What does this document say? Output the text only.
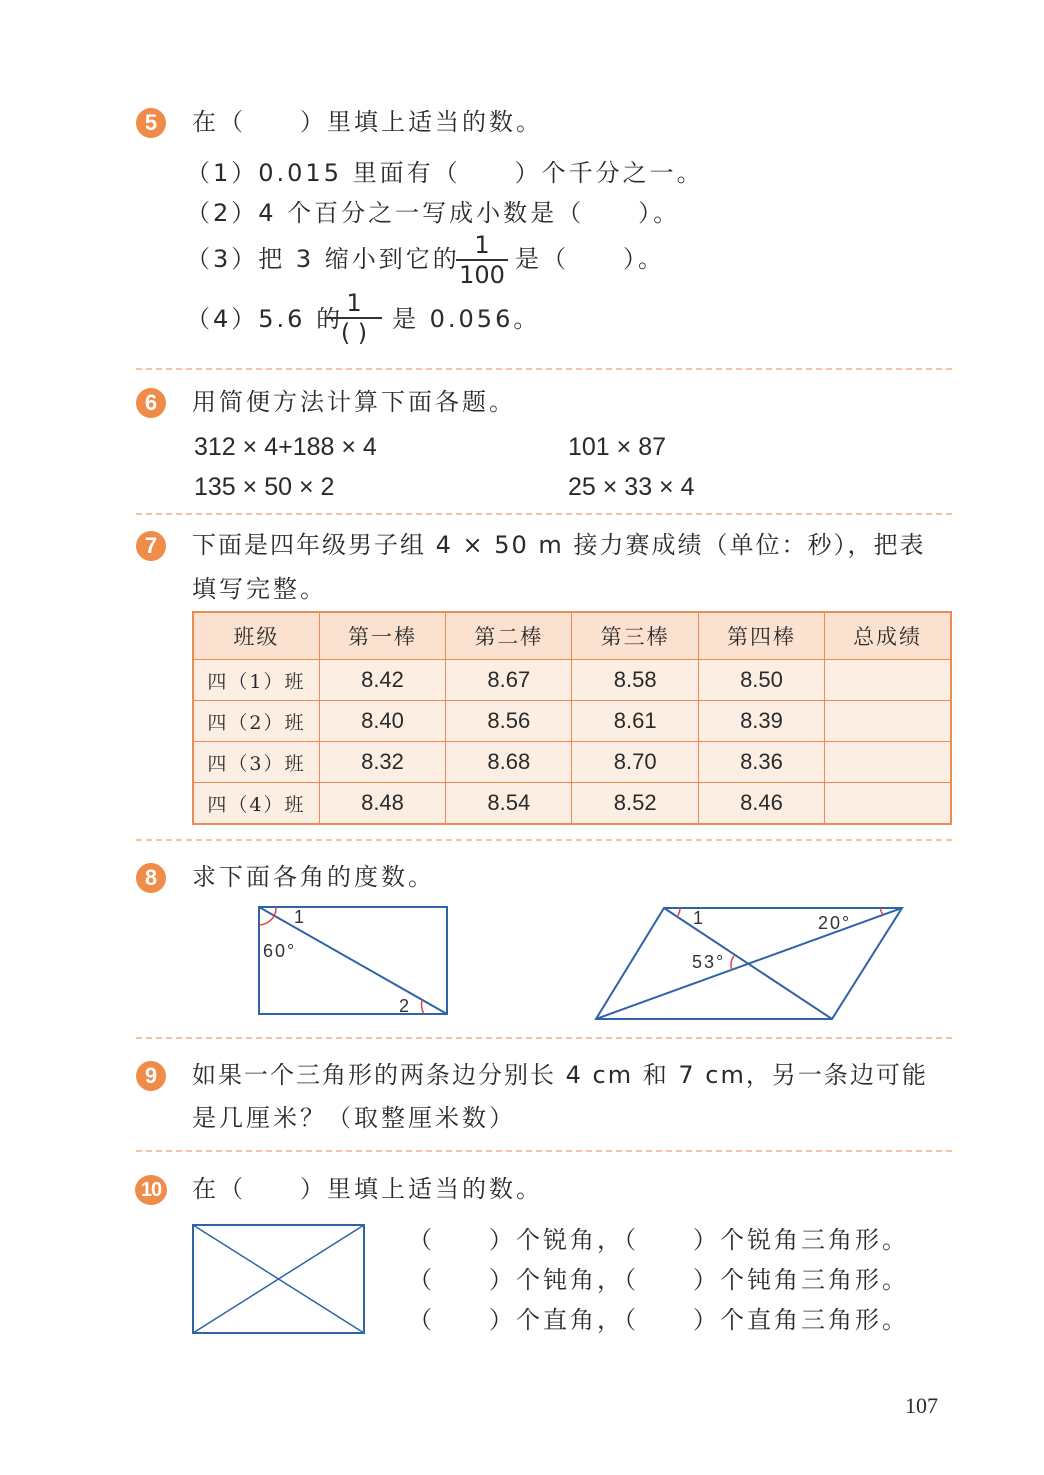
5	在（　　）里填上适当的数。
（1）0.015 里面有（　　）个千分之一。
（2）4 个百分之一写成小数是（　　）。
（3）把 3 缩小到它的 1
100
是（　　）。
（4）5.6 的
1
( )	是 0.056。
6	用简便方法计算下面各题。
312 × 4+188 × 4	101 × 87
135 × 50 × 2	25 × 33 × 4
7	下面是四年级男子组 4 × 50 m 接力赛成绩（单位：秒），把表
填写完整。
班级	第一棒	第二棒	第三棒	第四棒	总成绩
四（1）班	8.42	8.67	8.58	8.50	
四（2）班	8.40	8.56	8.61	8.39	
四（3）班	8.32	8.68	8.70	8.36	
四（4）班	8.48	8.54	8.52	8.46	
8	求下面各角的度数。
1
60°
2
1	20°
53°
9	如果一个三角形的两条边分别长 4 cm 和 7 cm，另一条边可能
是几厘米？（取整厘米数）
10 在（　　）里填上适当的数。
（　　）个锐角，（　　）个锐角三角形。
（　　）个钝角，（　　）个钝角三角形。
（　　）个直角，（　　）个直角三角形。
107
